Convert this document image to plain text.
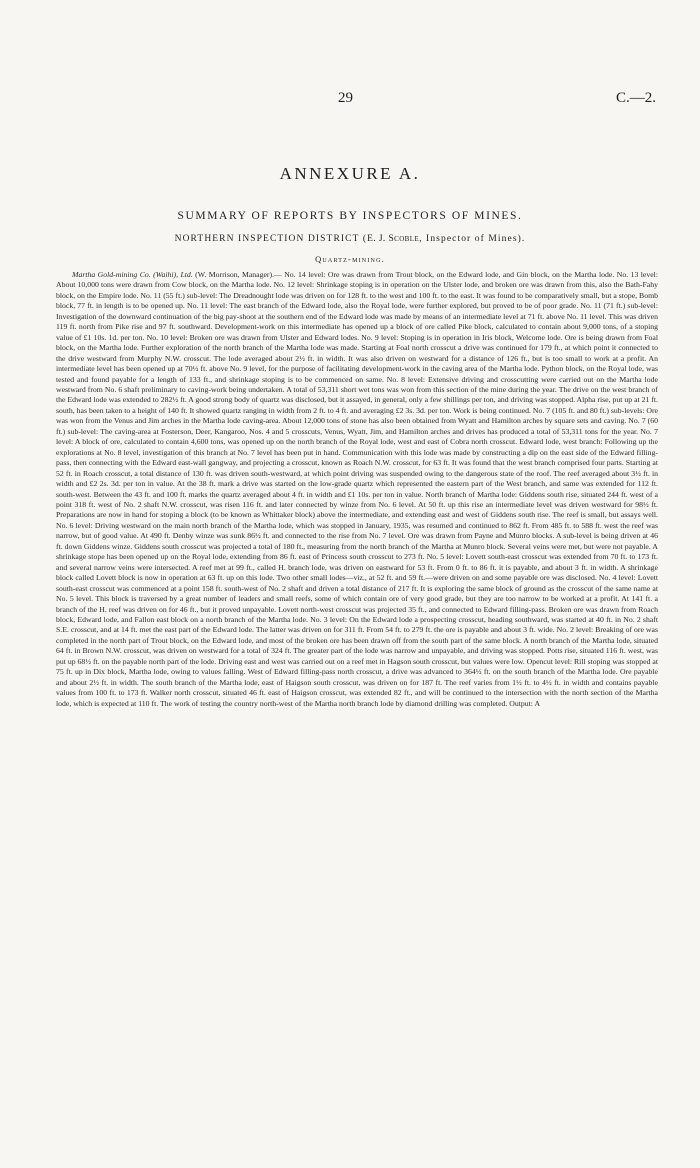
29	C.—2.
ANNEXURE A.
SUMMARY OF REPORTS BY INSPECTORS OF MINES.
NORTHERN INSPECTION DISTRICT (E. J. Scoble, Inspector of Mines).
Quartz-mining.

Martha Gold-mining Co. (Waihi), Ltd. (W. Morrison, Manager).— No. 14 level: Ore was drawn from Trout block, on the Edward lode, and Gin block, on the Martha lode. No. 13 level: About 10,000 tons were drawn from Cow block, on the Martha lode. No. 12 level: Shrinkage stoping is in operation on the Ulster lode, and broken ore was drawn from this, also the Bath-Fahy block, on the Empire lode. No. 11 (55 ft.) sub-level: The Dreadnought lode was driven on for 128 ft. to the west and 100 ft. to the east. It was found to be comparatively small, but a stope, Bomb block, 77 ft. in length is to be opened up. No. 11 level: The east branch of the Edward lode, also the Royal lode, were further explored, but proved to be of poor grade. No. 11 (71 ft.) sub-level: Investigation of the downward continuation of the big pay-shoot at the southern end of the Edward lode was made by means of an intermediate level at 71 ft. above No. 11 level. This was driven 119 ft. north from Pike rise and 97 ft. southward. Development-work on this intermediate has opened up a block of ore called Pike block, calculated to contain about 9,000 tons, of a stoping value of £1 10s. 1d. per ton. No. 10 level: Broken ore was drawn from Ulster and Edward lodes. No. 9 level: Stoping is in operation in Iris block, Welcome lode. Ore is being drawn from Foal block, on the Martha lode. Further exploration of the north branch of the Martha lode was made. Starting at Foal north crosscut a drive was continued for 179 ft., at which point it connected to the drive westward from Murphy N.W. crosscut. The lode averaged about 2½ ft. in width. It was also driven on westward for a distance of 126 ft., but is too small to work at a profit. An intermediate level has been opened up at 70½ ft. above No. 9 level, for the purpose of facilitating development-work in the caving area of the Martha lode. Python block, on the Royal lode, was tested and found payable for a length of 133 ft., and shrinkage stoping is to be commenced on same. No. 8 level: Extensive driving and crosscutting were carried out on the Martha lode westward from No. 6 shaft preliminary to caving-work being undertaken. A total of 53,311 short wet tons was won from this section of the mine during the year. The drive on the west branch of the Edward lode was extended to 282½ ft. A good strong body of quartz was disclosed, but it assayed, in general, only a few shillings per ton, and driving was stopped. Alpha rise, put up at 21 ft. south, has been taken to a height of 140 ft. It showed quartz ranging in width from 2 ft. to 4 ft. and averaging £2 3s. 3d. per ton. Work is being continued. No. 7 (105 ft. and 80 ft.) sub-levels: Ore was won from the Venus and Jim arches in the Martha lode caving-area. About 12,000 tons of stone has also been obtained from Wyatt and Hamilton arches by square sets and caving. No. 7 (60 ft.) sub-level: The caving-area at Fosterson, Deer, Kangaroo, Nos. 4 and 5 crosscuts, Venus, Wyatt, Jim, and Hamilton arches and drives has produced a total of 53,311 tons for the year. No. 7 level: A block of ore, calculated to contain 4,600 tons, was opened up on the north branch of the Royal lode, west and east of Cobra north crosscut. Edward lode, west branch: Following up the explorations at No. 8 level, investigation of this branch at No. 7 level has been put in hand. Communication with this lode was made by constructing a dip on the east side of the Edward filling-pass, then connecting with the Edward east-wall gangway, and projecting a crosscut, known as Roach N.W. crosscut, for 63 ft. It was found that the west branch comprised four parts. Starting at 52 ft. in Roach crosscut, a total distance of 130 ft. was driven south-westward, at which point driving was suspended owing to the dangerous state of the roof. The reef averaged about 3½ ft. in width and £2 2s. 3d. per ton in value. At the 38 ft. mark a drive was started on the low-grade quartz which represented the eastern part of the West branch, and same was extended for 112 ft. south-west. Between the 43 ft. and 100 ft. marks the quartz averaged about 4 ft. in width and £1 10s. per ton in value. North branch of Martha lode: Giddens south rise, situated 244 ft. west of a point 318 ft. west of No. 2 shaft N.W. crosscut, was risen 116 ft. and later connected by winze from No. 6 level. At 50 ft. up this rise an intermediate level was driven westward for 98½ ft. Preparations are now in hand for stoping a block (to be known as Whittaker block) above the intermediate, and extending east and west of Giddens south rise. The reef is small, but assays well. No. 6 level: Driving westward on the main north branch of the Martha lode, which was stopped in January, 1935, was resumed and continued to 862 ft. From 485 ft. to 588 ft. west the reef was narrow, but of good value. At 490 ft. Denby winze was sunk 86½ ft. and connected to the rise from No. 7 level. Ore was drawn from Payne and Munro blocks. A sub-level is being driven at 46 ft. down Giddens winze. Giddens south crosscut was projected a total of 180 ft., measuring from the north branch of the Martha at Munro block. Several veins were met, but were not payable. A shrinkage stope has been opened up on the Royal lode, extending from 86 ft. east of Princess south crosscut to 273 ft. No. 5 level: Lovett south-east crosscut was extended from 70 ft. to 173 ft. and several narrow veins were intersected. A reef met at 99 ft., called H. branch lode, was driven on eastward for 53 ft. From 0 ft. to 86 ft. it is payable, and about 3 ft. in width. A shrinkage block called Lovett block is now in operation at 63 ft. up on this lode. Two other small lodes—viz., at 52 ft. and 59 ft.—were driven on and some payable ore was disclosed. No. 4 level: Lovett south-east crosscut was commenced at a point 158 ft. south-west of No. 2 shaft and driven a total distance of 217 ft. It is exploring the same block of ground as the crosscut of the same name at No. 5 level. This block is traversed by a great number of leaders and small reefs, some of which contain ore of very good grade, but they are too narrow to be worked at a profit. At 141 ft. a branch of the H. reef was driven on for 46 ft., but it proved unpayable. Lovett north-west crosscut was projected 35 ft., and connected to Edward filling-pass. Broken ore was drawn from Roach block, Edward lode, and Fallon east block on a north branch of the Martha lode. No. 3 level: On the Edward lode a prospecting crosscut, heading southward, was started at 40 ft. in No. 2 shaft S.E. crosscut, and at 14 ft. met the east part of the Edward lode. The latter was driven on for 311 ft. From 54 ft. to 279 ft. the ore is payable and about 3 ft. wide. No. 2 level: Breaking of ore was completed in the north part of Trout block, on the Edward lode, and most of the broken ore has been drawn off from the south part of the same block. A north branch of the Martha lode, situated 64 ft. in Brown N.W. crosscut, was driven on westward for a total of 324 ft. The greater part of the lode was narrow and unpayable, and driving was stopped. Potts rise, situated 116 ft. west, was put up 68½ ft. on the payable north part of the lode. Driving east and west was carried out on a reef met in Hagson south crosscut, but values were low. Opencut level: Rill stoping was stopped at 75 ft. up in Dix block, Martha lode, owing to values falling. West of Edward filling-pass north crosscut, a drive was advanced to 364½ ft. on the south branch of the Martha lode. Ore payable and about 2½ ft. in width. The south branch of the Martha lode, east of Haigson south crosscut, was driven on for 187 ft. The reef varies from 1½ ft. to 4½ ft. in width and contains payable values from 100 ft. to 173 ft. Walker north crosscut, situated 46 ft. east of Haigson crosscut, was extended 82 ft., and will be continued to the intersection with the north section of the Martha lode, which is expected at 110 ft. The work of testing the country north-west of the Martha north branch lode by diamond drilling was completed. Output: A
